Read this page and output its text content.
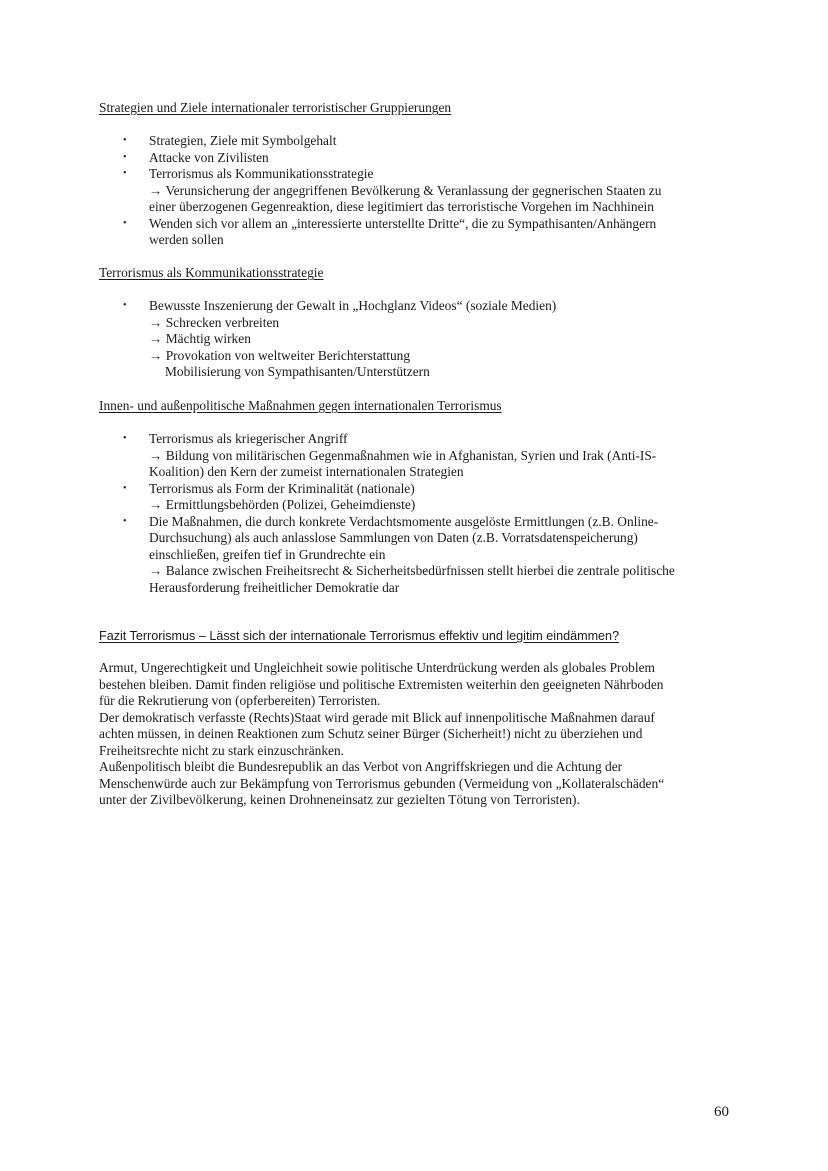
Strategien und Ziele internationaler terroristischer Gruppierungen
• Strategien, Ziele mit Symbolgehalt
• Attacke von Zivilisten
• Terrorismus als Kommunikationsstrategie
→ Verunsicherung der angegriffenen Bevölkerung & Veranlassung der gegnerischen Staaten zu
einer überzogenen Gegenreaktion, diese legitimiert das terroristische Vorgehen im Nachhinein
• Wenden sich vor allem an „interessierte unterstellte Dritte“, die zu Sympathisanten/Anhängern
werden sollen
Terrorismus als Kommunikationsstrategie
• Bewusste Inszenierung der Gewalt in „Hochglanz Videos“ (soziale Medien)
→ Schrecken verbreiten
→ Mächtig wirken
→ Provokation von weltweiter Berichterstattung
Mobilisierung von Sympathisanten/Unterstützern
Innen- und außenpolitische Maßnahmen gegen internationalen Terrorismus
• Terrorismus als kriegerischer Angriff
→ Bildung von militärischen Gegenmaßnahmen wie in Afghanistan, Syrien und Irak (Anti-IS-
Koalition) den Kern der zumeist internationalen Strategien
• Terrorismus als Form der Kriminalität (nationale)
→ Ermittlungsbehörden (Polizei, Geheimdienste)
• Die Maßnahmen, die durch konkrete Verdachtsmomente ausgelöste Ermittlungen (z.B. Online-
Durchsuchung) als auch anlasslose Sammlungen von Daten (z.B. Vorratsdatenspeicherung)
einschließen, greifen tief in Grundrechte ein
→ Balance zwischen Freiheitsrecht & Sicherheitsbedürfnissen stellt hierbei die zentrale politische
Herausforderung freiheitlicher Demokratie dar
Fazit Terrorismus – Lässt sich der internationale Terrorismus effektiv und legitim eindämmen?
Armut, Ungerechtigkeit und Ungleichheit sowie politische Unterdrückung werden als globales Problem
bestehen bleiben. Damit finden religiöse und politische Extremisten weiterhin den geeigneten Nährboden
für die Rekrutierung von (opferbereiten) Terroristen.
Der demokratisch verfasste (Rechts)Staat wird gerade mit Blick auf innenpolitische Maßnahmen darauf
achten müssen, in deinen Reaktionen zum Schutz seiner Bürger (Sicherheit!) nicht zu überziehen und
Freiheitsrechte nicht zu stark einzuschränken.
Außenpolitisch bleibt die Bundesrepublik an das Verbot von Angriffskriegen und die Achtung der
Menschenwürde auch zur Bekämpfung von Terrorismus gebunden (Vermeidung von „Kollateralschäden“
unter der Zivilbevölkerung, keinen Drohneneinsatz zur gezielten Tötung von Terroristen).
60
